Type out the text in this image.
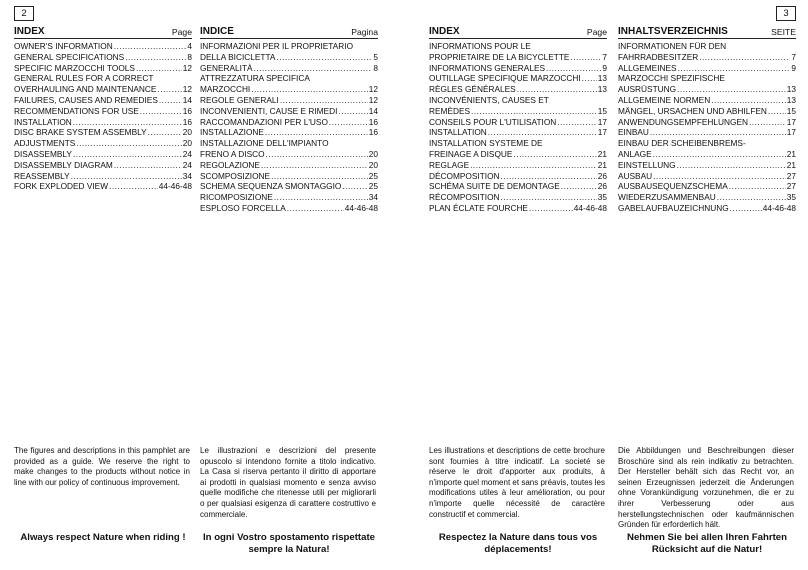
2	3
INDEX	Page
OWNER'S INFORMATION .....	4
GENERAL SPECIFICATIONS .....	8
SPECIFIC MARZOCCHI TOOLS .....	12
GENERAL RULES FOR A CORRECT
OVERHAULING AND MAINTENANCE .....	12
FAILURES, CAUSES AND REMEDIES .....	14
RECOMMENDATIONS FOR USE .....	16
INSTALLATION .....	16
DISC BRAKE SYSTEM ASSEMBLY .....	20
ADJUSTMENTS .....	20
DISASSEMBLY .....	24
DISASSEMBLY DIAGRAM .....	24
REASSEMBLY .....	34
FORK EXPLODED VIEW .....	44-46-48
INDICE	Pagina
INFORMAZIONI PER IL PROPRIETARIO
DELLA BICICLETTA .....	5
GENERALITÀ .....	8
ATTREZZATURA SPECIFICA
MARZOCCHI .....	12
REGOLE GENERALI .....	12
INCONVENIENTI, CAUSE E RIMEDI .....	14
RACCOMANDAZIONI PER L'USO .....	16
INSTALLAZIONE .....	16
INSTALLAZIONE DELL'IMPIANTO
FRENO A DISCO .....	20
REGOLAZIONE .....	20
SCOMPOSIZIONE .....	25
SCHEMA SEQUENZA SMONTAGGIO .....	25
RICOMPOSIZIONE .....	34
ESPLOSO FORCELLA .....	44-46-48
INDEX	Page
INFORMATIONS POUR LE
PROPRIETAIRE DE LA BICYCLETTE .....	7
INFORMATIONS GENERALES .....	9
OUTILLAGE SPECIFIQUE MARZOCCHI ..... 13
RÈGLES GÉNÉRALES .....	13
INCONVÉNIENTS, CAUSES ET
REMÈDES .....	15
CONSEILS POUR L'UTILISATION .....	17
INSTALLATION .....	17
INSTALLATION SYSTEME DE
FREINAGE A DISQUE .....	21
REGLAGE .....	21
DÉCOMPOSITION .....	26
SCHÉMA SUITE DE DEMONTAGE .....	26
RÉCOMPOSITION .....	35
PLAN ÉCLATE FOURCHE .....	44-46-48
INHALTSVERZEICHNIS	SEITE
INFORMATIONEN FÜR DEN
FAHRRADBESITZER .....	7
ALLGEMEINES .....	9
MARZOCCHI SPEZIFISCHE
AUSRÜSTUNG .....	13
ALLGEMEINE NORMEN .....	13
MÄNGEL, URSACHEN UND ABHILFEN ..... 15
ANWENDUNGSEMPFEHLUNGEN .....	17
EINBAU .....	17
EINBAU DER SCHEIBENBREMS-
ANLAGE .....	21
EINSTELLUNG .....	21
AUSBAU .....	27
AUSBAUSEQUENZSCHEMA .....	27
WIEDERZUSAMMENBAU .....	35
GABELAUFBAUZEICHNUNG .....	44-46-48
The figures and descriptions in this pamphlet are provided as a guide. We reserve the right to make changes to the products without notice in line with our policy of continuous improvement.
Le illustrazioni e descrizioni del presente opuscolo si intendono fornite a titolo indicativo. La Casa si riserva pertanto il diritto di apportare ai prodotti in qualsiasi momento e senza avviso quelle modifiche che ritenesse utili per migliorarli o per qualsiasi esigenza di carattere costruttivo e commerciale.
Les illustrations et descriptions de cette brochure sont fournies à titre indicatif. La societé se réserve le droit d'apporter aux produits, à n'importe quel moment et sans préavis, toutes les modifications utiles à leur amélioration, ou pour n'importe quelle nécessité de caractère constructif et commercial.
Die Abbildungen und Beschreibungen dieser Broschüre sind als rein indikativ zu betrachten. Der Hersteller behält sich das Recht vor, an seinen Erzeugnissen jederzeit die Änderungen ohne Vorankündigung vorzunehmen, die er zu ihrer Verbesserung oder aus herstellungstechnischen oder kaufmännischen Gründen für erforderlich hält.
Always respect Nature when riding !	In ogni Vostro spostamento rispettate sempre la Natura!
Respectez la Nature dans tous vos déplacements!
Nehmen Sie bei allen Ihren Fahrten Rücksicht auf die Natur!
